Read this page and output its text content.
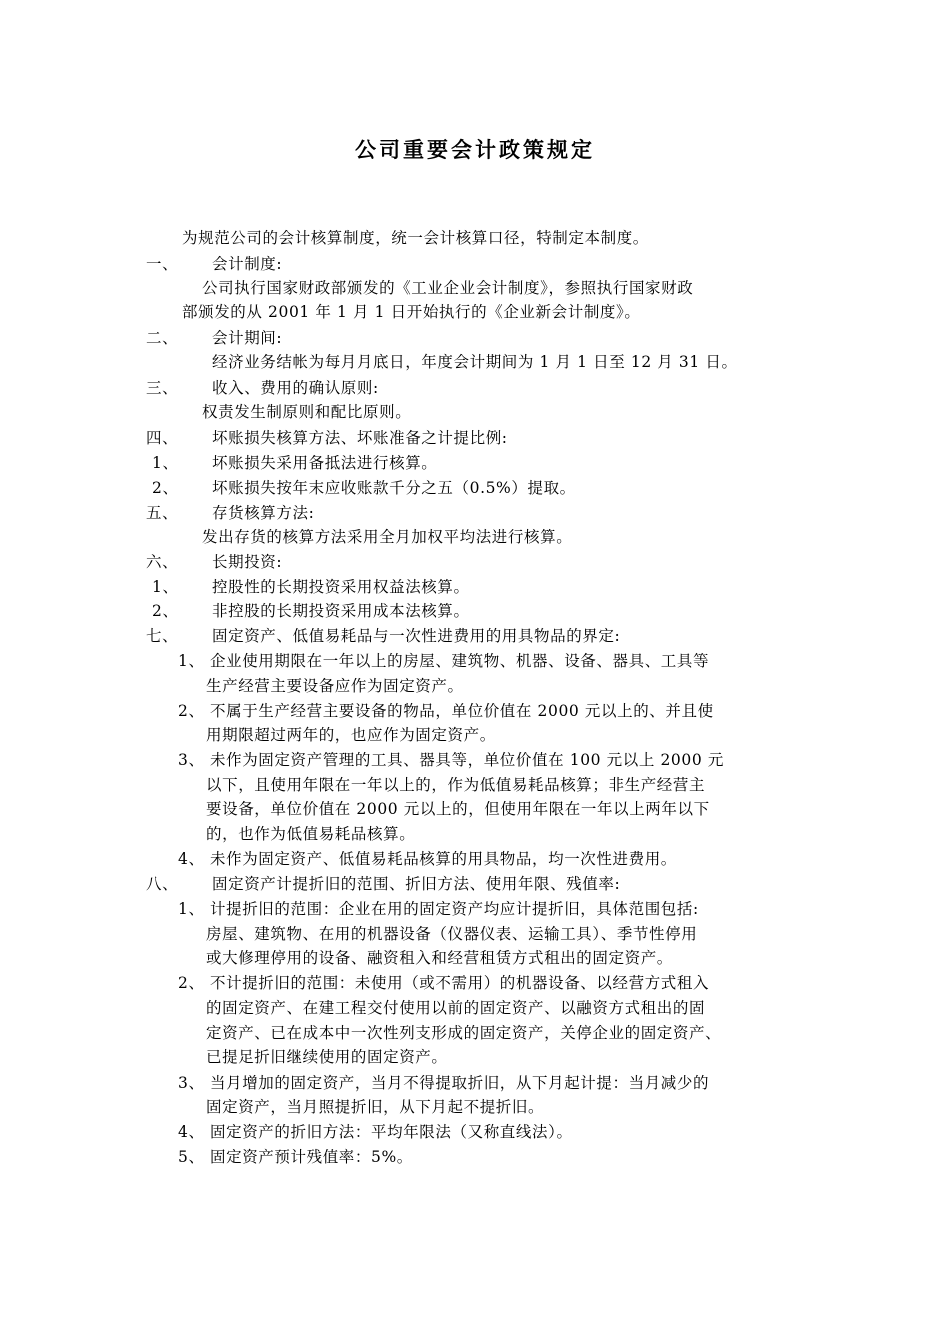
公司重要会计政策规定
为规范公司的会计核算制度，统一会计核算口径，特制定本制度。
一、 会计制度:
公司执行国家财政部颁发的《工业企业会计制度》，参照执行国家财政
部颁发的从 2001 年 1 月 1 日开始执行的《企业新会计制度》。
二、 会计期间:
经济业务结帐为每月月底日，年度会计期间为 1 月 1 日至 12 月 31 日。
三、 收入、费用的确认原则:
权责发生制原则和配比原则。
四、 坏账损失核算方法、坏账准备之计提比例:
1、 坏账损失采用备抵法进行核算。
2、 坏账损失按年末应收账款千分之五（0.5%）提取。
五、 存货核算方法:
发出存货的核算方法采用全月加权平均法进行核算。
六、 长期投资:
1、 控股性的长期投资采用权益法核算。
2、 非控股的长期投资采用成本法核算。
七、 固定资产、低值易耗品与一次性进费用的用具物品的界定:
1、 企业使用期限在一年以上的房屋、建筑物、机器、设备、器具、工具等
生产经营主要设备应作为固定资产。
2、 不属于生产经营主要设备的物品，单位价值在 2000 元以上的、并且使
用期限超过两年的，也应作为固定资产。
3、 未作为固定资产管理的工具、器具等，单位价值在 100 元以上 2000 元
以下，且使用年限在一年以上的，作为低值易耗品核算；非生产经营主
要设备，单位价值在 2000 元以上的，但使用年限在一年以上两年以下
的，也作为低值易耗品核算。
4、 未作为固定资产、低值易耗品核算的用具物品，均一次性进费用。
八、 固定资产计提折旧的范围、折旧方法、使用年限、残值率:
1、 计提折旧的范围：企业在用的固定资产均应计提折旧，具体范围包括:
房屋、建筑物、在用的机器设备（仪器仪表、运输工具）、季节性停用
或大修理停用的设备、融资租入和经营租赁方式租出的固定资产。
2、 不计提折旧的范围：未使用（或不需用）的机器设备、以经营方式租入
的固定资产、在建工程交付使用以前的固定资产、以融资方式租出的固
定资产、已在成本中一次性列支形成的固定资产，关停企业的固定资产、
已提足折旧继续使用的固定资产。
3、 当月增加的固定资产，当月不得提取折旧，从下月起计提：当月减少的
固定资产，当月照提折旧，从下月起不提折旧。
4、 固定资产的折旧方法：平均年限法（又称直线法）。
5、 固定资产预计残值率：5%。
